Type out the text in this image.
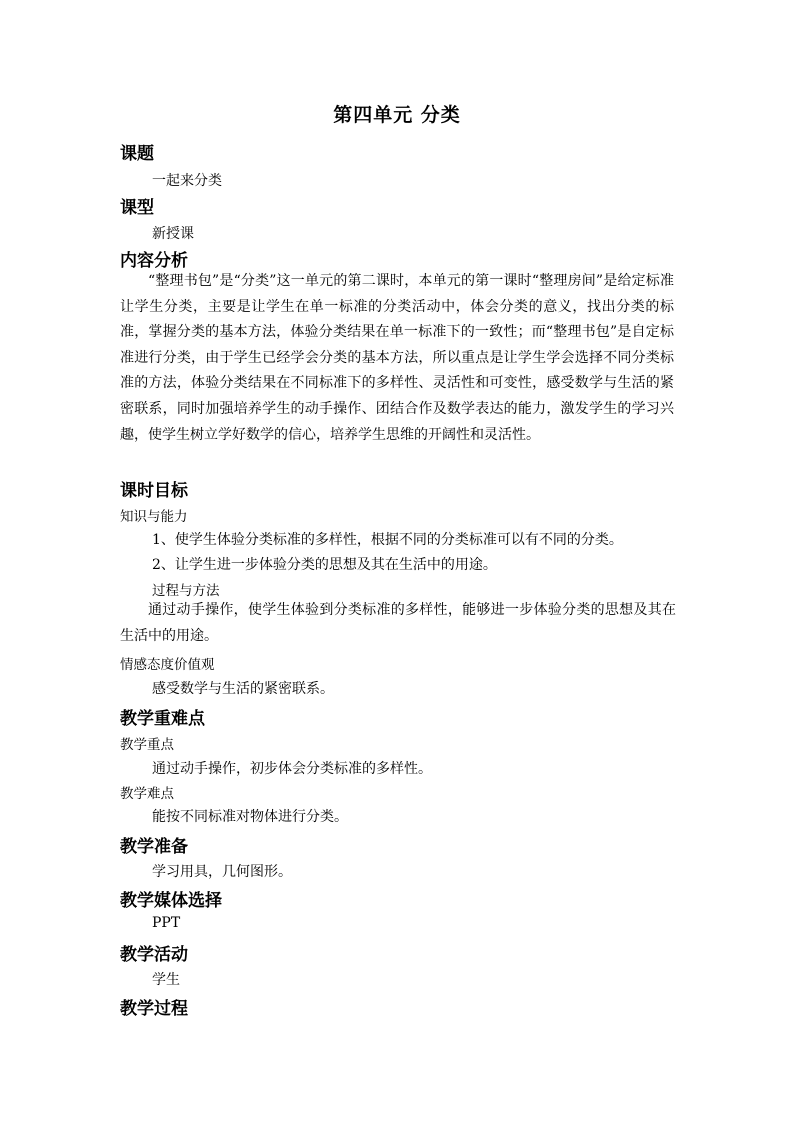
第四单元 分类
课题
一起来分类
课型
新授课
内容分析

“整理书包”是“分类”这一单元的第二课时，本单元的第一课时“整理房间”是给定标准让学生分类，主要是让学生在单一标准的分类活动中，体会分类的意义，找出分类的标准，掌握分类的基本方法，体验分类结果在单一标准下的一致性；而“整理书包”是自定标准进行分类，由于学生已经学会分类的基本方法，所以重点是让学生学会选择不同分类标准的方法，体验分类结果在不同标准下的多样性、灵活性和可变性，感受数学与生活的紧密联系，同时加强培养学生的动手操作、团结合作及数学表达的能力，激发学生的学习兴趣，使学生树立学好数学的信心，培养学生思维的开阔性和灵活性。

课时目标
知识与能力
1、使学生体验分类标准的多样性，根据不同的分类标准可以有不同的分类。
2、让学生进一步体验分类的思想及其在生活中的用途。
过程与方法

通过动手操作，使学生体验到分类标准的多样性，能够进一步体验分类的思想及其在生活中的用途。

情感态度价值观
感受数学与生活的紧密联系。
教学重难点
教学重点
通过动手操作，初步体会分类标准的多样性。
教学难点
能按不同标准对物体进行分类。
教学准备
学习用具，几何图形。
教学媒体选择
PPT
教学活动
学生
教学过程
